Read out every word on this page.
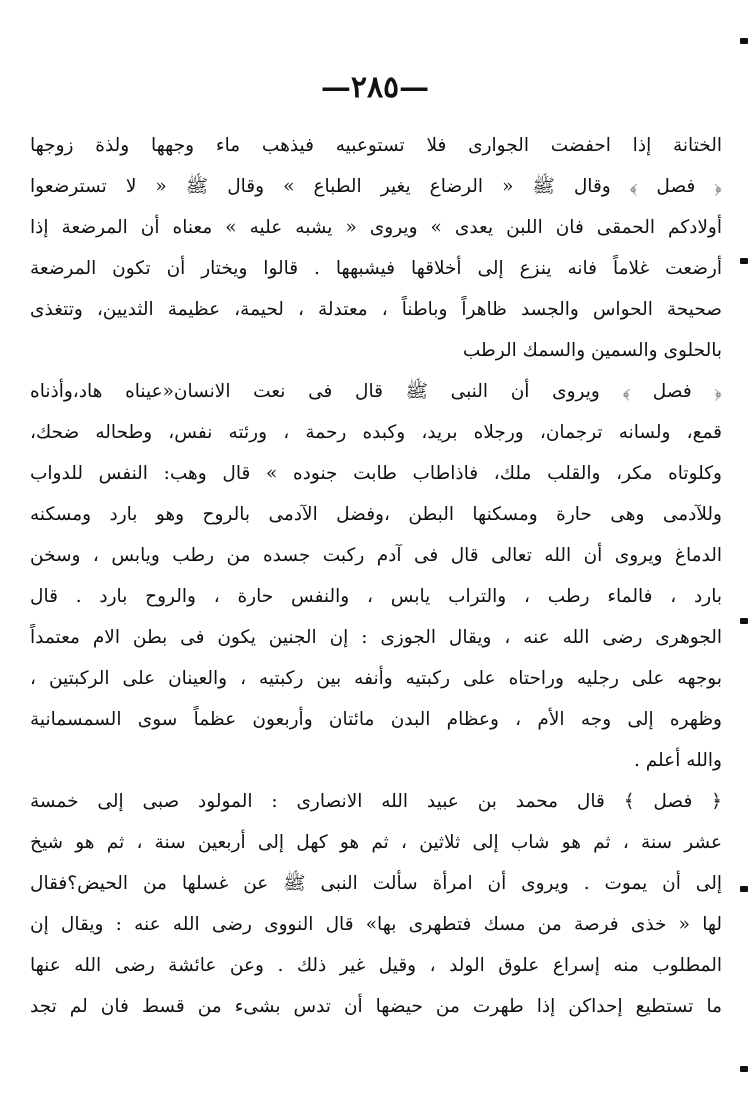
—٢٨٥—
الختانة إذا احفضت الجوارى فلا تستوعبيه فيذهب ماء وجهها ولذة زوجها
﴿ فصل ﴾ وقال ﷺ « الرضاع يغير الطباع » وقال ﷺ « لا تسترضعوا
أولادكم الحمقى فان اللبن يعدى » ويروى « يشبه عليه » معناه أن المرضعة إذا
أرضعت غلاماً فانه ينزع إلى أخلاقها فيشبهها . قالوا ويختار أن تكون المرضعة
صحيحة الحواس والجسد ظاهراً وباطناً ، معتدلة ، لحيمة، عظيمة الثديين، وتتغذى
بالحلوى والسمين والسمك الرطب
﴿ فصل ﴾ ويروى أن النبى ﷺ قال فى نعت الانسان«عيناه هاد،وأذناه
قمع، ولسانه ترجمان، ورجلاه بريد، وكبده رحمة ، ورئته نفس، وطحاله ضحك،
وكلوتاه مكر، والقلب ملك، فاذاطاب طابت جنوده » قال وهب: النفس للدواب
وللآدمى وهى حارة ومسكنها البطن ،وفضل الآدمى بالروح وهو بارد ومسكنه
الدماغ ويروى أن الله تعالى قال فى آدم ركبت جسده من رطب ويابس ، وسخن
بارد ، فالماء رطب ، والتراب يابس ، والنفس حارة ، والروح بارد . قال
الجوهرى رضى الله عنه ، ويقال الجوزى : إن الجنين يكون فى بطن الام معتمداً
بوجهه على رجليه وراحتاه على ركبتيه وأنفه بين ركبتيه ، والعينان على الركبتين ،
وظهره إلى وجه الأم ، وعظام البدن مائتان وأربعون عظماً سوى السمسمانية
والله أعلم .
﴿ فصل ﴾ قال محمد بن عبيد الله الانصارى : المولود صبى إلى خمسة
عشر سنة ، ثم هو شاب إلى ثلاثين ، ثم هو كهل إلى أربعين سنة ، ثم هو شيخ
إلى أن يموت . ويروى أن امرأة سألت النبى ﷺ عن غسلها من الحيض؟فقال
لها « خذى فرصة من مسك فتطهرى بها» قال النووى رضى الله عنه : ويقال إن
المطلوب منه إسراع علوق الولد ، وقيل غير ذلك . وعن عائشة رضى الله عنها
ما تستطيع إحداكن إذا طهرت من حيضها أن تدس بشىء من قسط فان لم تجد
